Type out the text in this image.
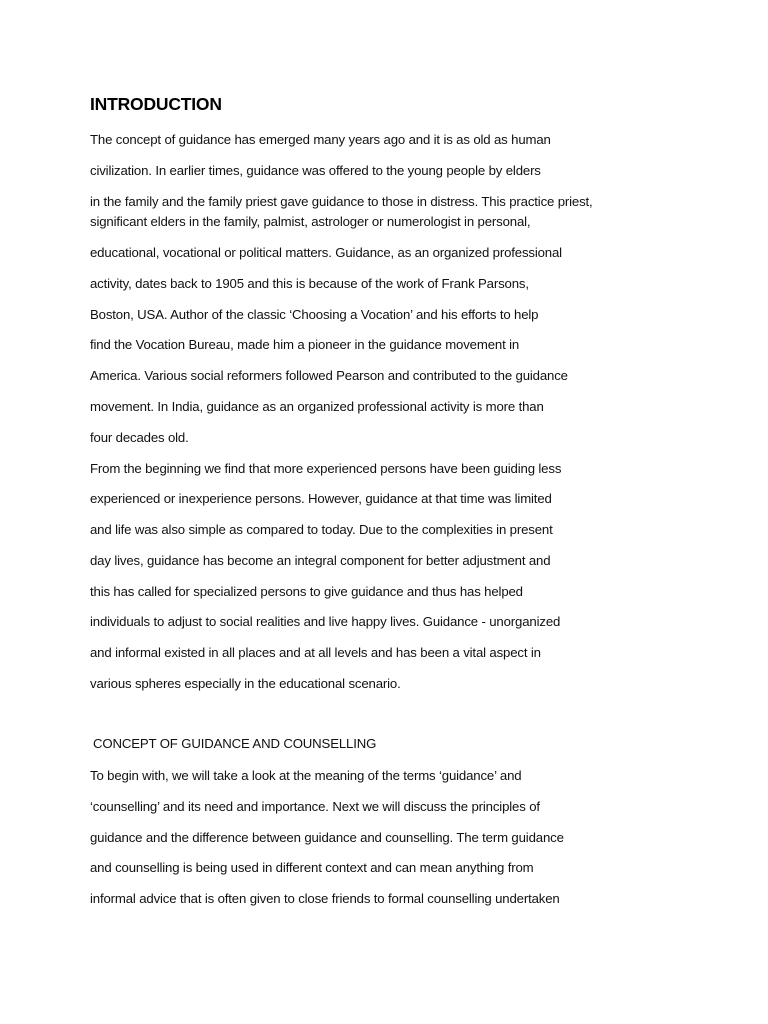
INTRODUCTION

The concept of guidance has emerged many years ago and it is as old as human

civilization. In earlier times, guidance was offered to the young people by elders

in the family and the family priest gave guidance to those in distress. This practice priest,

significant elders in the family, palmist, astrologer or numerologist in personal,

educational, vocational or political matters. Guidance, as an organized professional

activity, dates back to 1905 and this is because of the work of Frank Parsons,

Boston, USA. Author of the classic ‘Choosing a Vocation’ and his efforts to help

find the Vocation Bureau, made him a pioneer in the guidance movement in

America. Various social reformers followed Pearson and contributed to the guidance

movement. In India, guidance as an organized professional activity is more than

four decades old.

From the beginning we find that more experienced persons have been guiding less

experienced or inexperience persons. However, guidance at that time was limited

and life was also simple as compared to today. Due to the complexities in present

day lives, guidance has become an integral component for better adjustment and

this has called for specialized persons to give guidance and thus has helped

individuals to adjust to social realities and live happy lives. Guidance - unorganized

and informal existed in all places and at all levels and has been a vital aspect in

various spheres especially in the educational scenario.

CONCEPT OF GUIDANCE AND COUNSELLING

To begin with, we will take a look at the meaning of the terms ‘guidance’ and

‘counselling’ and its need and importance. Next we will discuss the principles of

guidance and the difference between guidance and counselling. The term guidance

and counselling is being used in different context and can mean anything from

informal advice that is often given to close friends to formal counselling undertaken
